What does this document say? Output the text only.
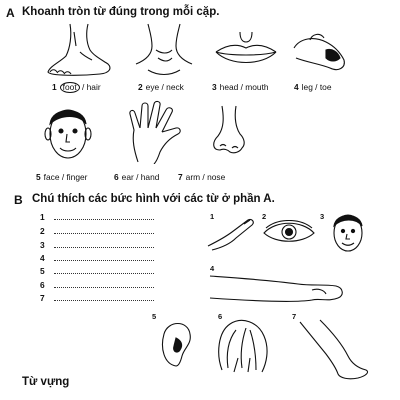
A Khoanh tròn từ đúng trong mỗi cặp.
1 foot / hair	2 eye / neck	3 head / mouth	4 leg / toe
5 face / finger	6 ear / hand 7 arm / nose
B Chú thích các bức hình với các từ ở phần A.
1
2
3
4
5
6
7
1	2	3
4
5	6	7
Từ vựng
